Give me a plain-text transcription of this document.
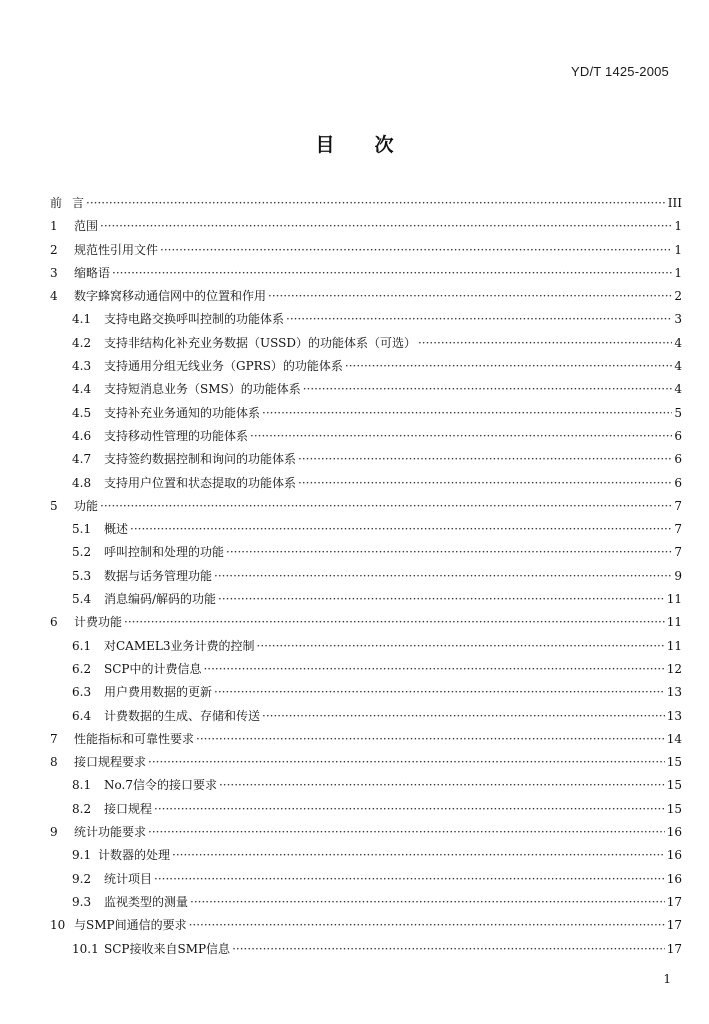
YD/T 1425-2005
目 次
前 言 ·····	III
1	范围 ·····	1
2	规范性引用文件 ·····	1
3	缩略语 ·····	1
4	数字蜂窝移动通信网中的位置和作用 ·····	2
4.1	支持电路交换呼叫控制的功能体系 ·····	3
4.2	支持非结构化补充业务数据（USSD）的功能体系（可选） ·····	4
4.3	支持通用分组无线业务（GPRS）的功能体系 ·····	4
4.4	支持短消息业务（SMS）的功能体系 ·····	4
4.5	支持补充业务通知的功能体系 ·····	5
4.6	支持移动性管理的功能体系 ·····	6
4.7	支持签约数据控制和询问的功能体系 ·····	6
4.8	支持用户位置和状态提取的功能体系 ·····	6
5	功能 ·····	7
5.1	概述 ·····	7
5.2	呼叫控制和处理的功能 ·····	7
5.3	数据与话务管理功能 ·····	9
5.4	消息编码/解码的功能 ·····	11
6	计费功能 ·····	11
6.1	对CAMEL3业务计费的控制 ·····	11
6.2	SCP中的计费信息 ·····	12
6.3	用户费用数据的更新 ·····	13
6.4	计费数据的生成、存储和传送 ·····	13
7	性能指标和可靠性要求 ·····	14
8	接口规程要求 ·····	15
8.1	No.7信令的接口要求 ·····	15
8.2	接口规程 ·····	15
9	统计功能要求 ·····	16
9.1 计数器的处理 ·····	16
9.2	统计项目 ·····	16
9.3	监视类型的测量 ·····	17
10 与SMP间通信的要求 ·····	17
10.1 SCP接收来自SMP信息 ·····	17
1
